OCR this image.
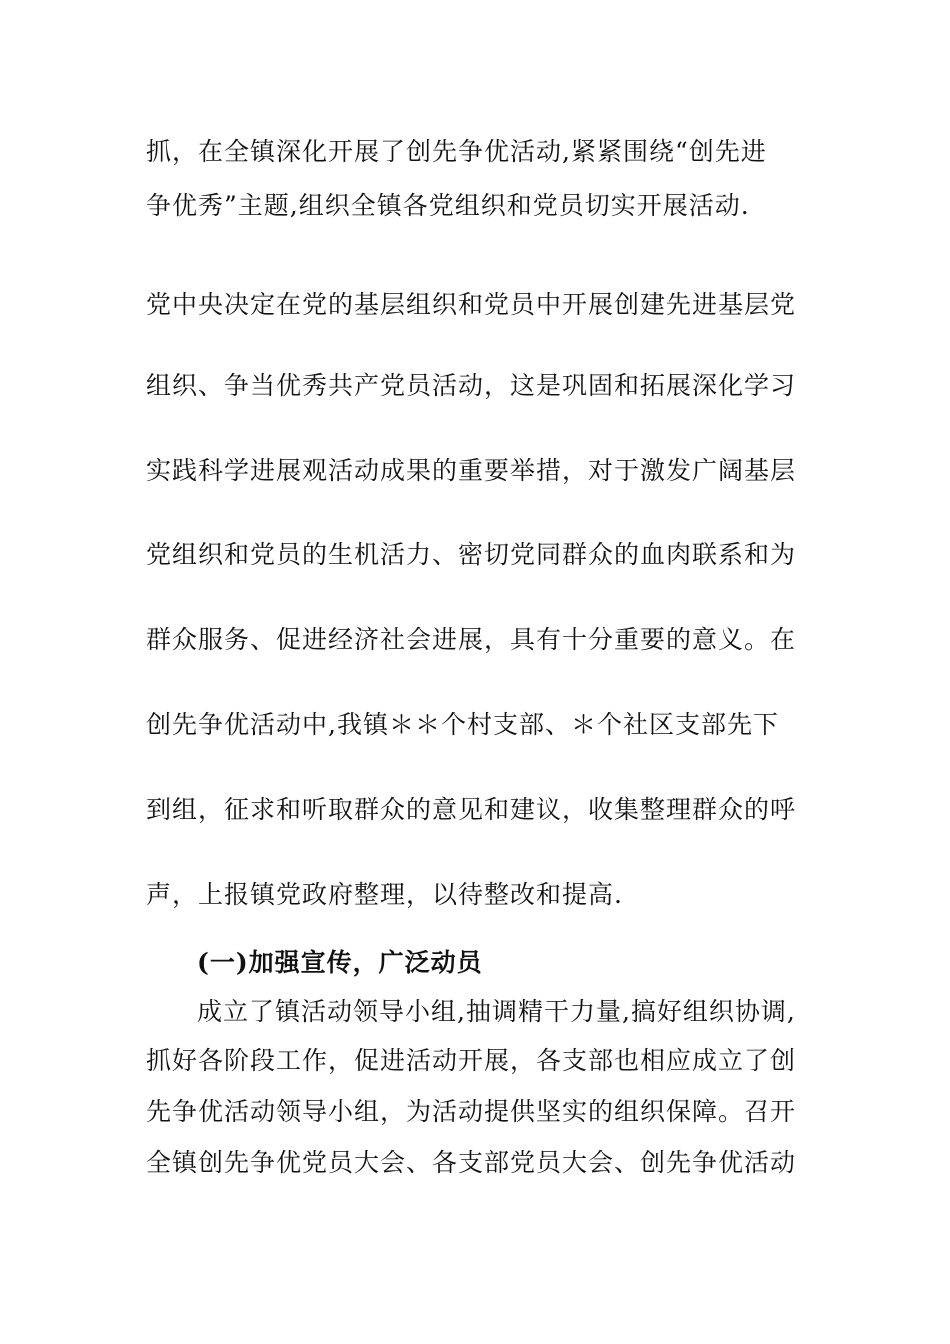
抓，在全镇深化开展了创先争优活动,紧紧围绕“创先进
争优秀”主题,组织全镇各党组织和党员切实开展活动.
党中央决定在党的基层组织和党员中开展创建先进基层党
组织、争当优秀共产党员活动，这是巩固和拓展深化学习
实践科学进展观活动成果的重要举措，对于激发广阔基层
党组织和党员的生机活力、密切党同群众的血肉联系和为
群众服务、促进经济社会进展，具有十分重要的意义。在
创先争优活动中,我镇＊＊个村支部、＊个社区支部先下
到组，征求和听取群众的意见和建议，收集整理群众的呼
声，上报镇党政府整理，以待整改和提高.
(一)加强宣传，广泛动员
成立了镇活动领导小组,抽调精干力量,搞好组织协调,
抓好各阶段工作，促进活动开展，各支部也相应成立了创
先争优活动领导小组，为活动提供坚实的组织保障。召开
全镇创先争优党员大会、各支部党员大会、创先争优活动
